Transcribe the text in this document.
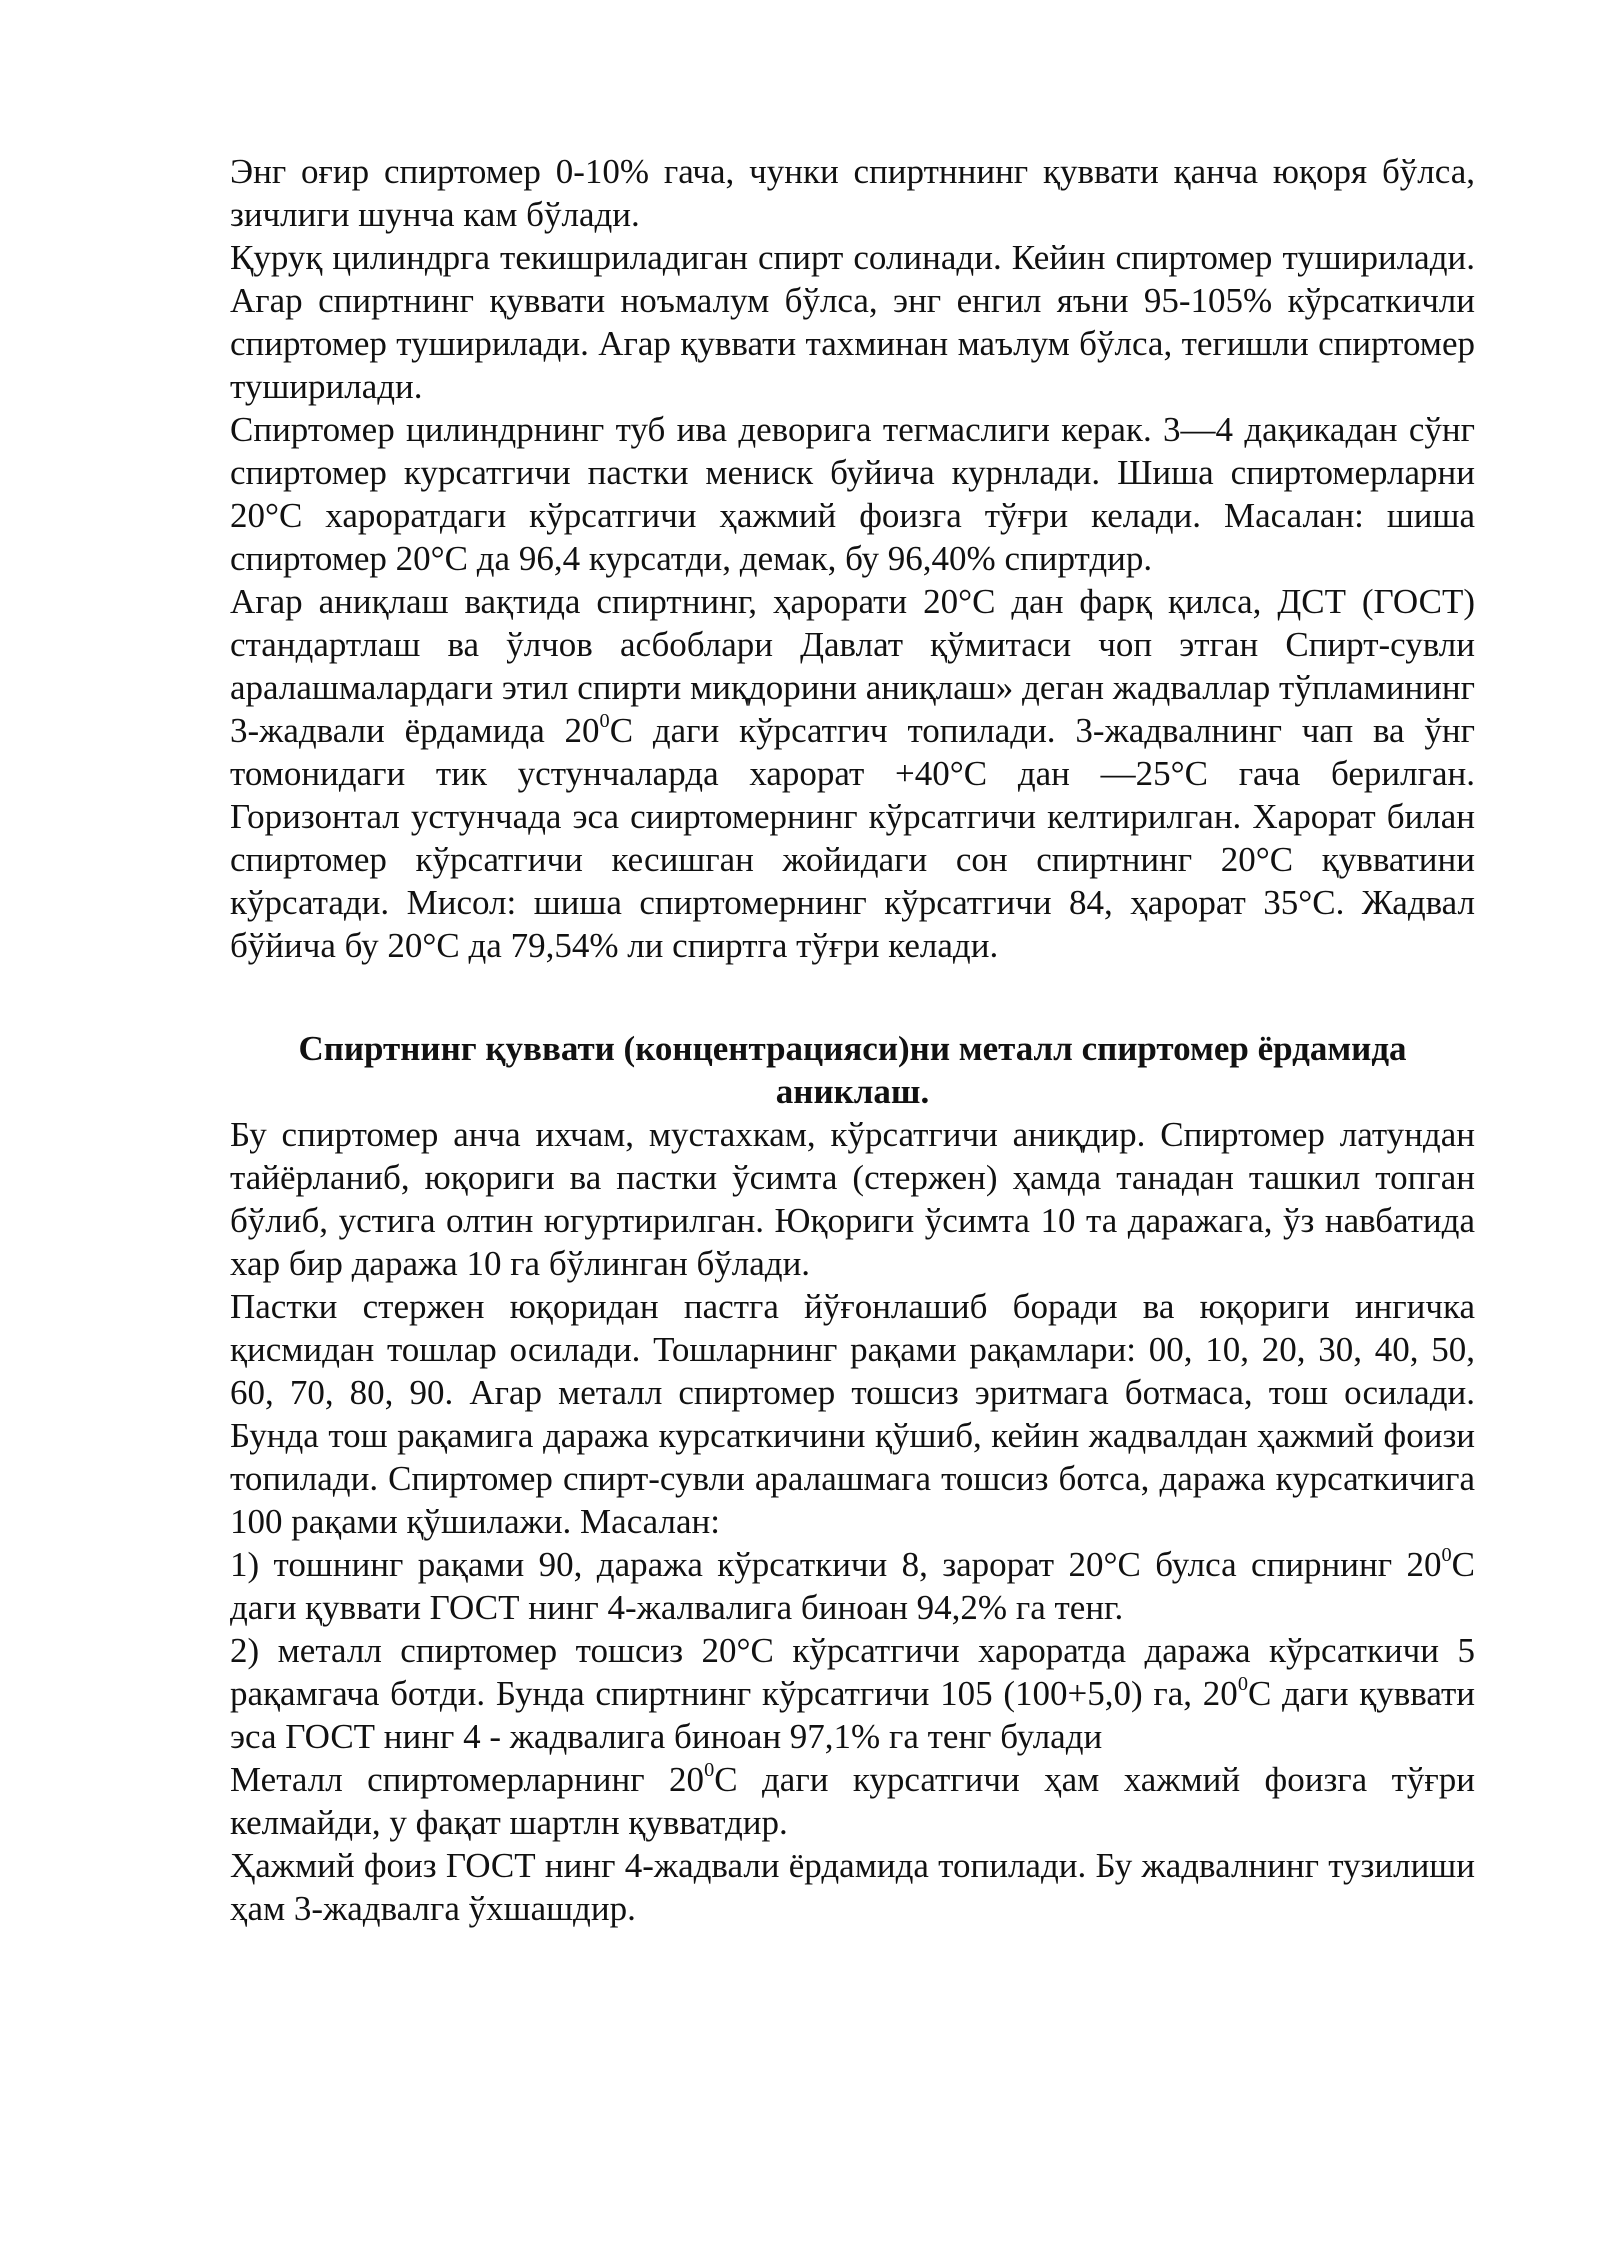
Энг оғир спиртомер 0-10% гача, чунки спиртннинг қуввати қанча юқоря бўлса, зичлиги шунча кам бўлади.

Қуруқ цилиндрга текишриладиган спирт солинади. Кейин спиртомер туширилади. Агар спиртнинг қуввати ноъмалум бўлса, энг енгил яъни 95-105% кўрсаткичли спиртомер туширилади. Агар қуввати тахминан маълум бўлса, тегишли спиртомер туширилади.

Спиртомер цилиндрнинг туб ива деворига тегмаслиги керак. 3—4 дақикадан сўнг спиртомер курсатгичи пастки мениск буйича курнлади. Шиша спиртомерларни 20°С хароратдаги кўрсатгичи ҳажмий фоизга тўғри келади. Масалан: шиша спиртомер 20°С да 96,4 курсатди, демак, бу 96,40% спиртдир.

Агар аниқлаш вақтида спиртнинг, ҳарорати 20°С дан фарқ қилса, ДСТ (ГОСТ) стандартлаш ва ўлчов асбоблари Давлат қўмитаси чоп этган Спирт-сувли аралашмалардаги этил спирти миқдорини аниқлаш» деган жадваллар тўпламининг 3-жадвали ёрдамида $20^0С$ даги кўрсатгич топилади. 3-жадвалнинг чап ва ўнг томонидаги тик устунчаларда харорат +40°С дан —25°С гача берилган. Горизонтал устунчада эса сииртомернинг кўрсатгичи келтирилган. Харорат билан спиртомер кўрсатгичи кесишган жойидаги сон спиртнинг 20°С қувватини кўрсатади. Мисол: шиша спиртомернинг кўрсатгичи 84, ҳарорат 35°С. Жадвал бўйича бу 20°С да 79,54% ли спиртга тўғри келади.

Спиртнинг қуввати (концентрацияси)ни металл спиртомер ёрдамида аниклаш.

Бу спиртомер анча ихчам, мустахкам, кўрсатгичи аниқдир. Спиртомер латундан тайёрланиб, юқориги ва пастки ўсимта (стержен) ҳамда танадан ташкил топган бўлиб, устига олтин югуртирилган. Юқориги ўсимта 10 та даражага, ўз навбатида хар бир даража 10 га бўлинган бўлади.

Пастки стержен юқоридан пастга йўғонлашиб боради ва юқориги ингичка қисмидан тошлар осилади. Тошларнинг рақами рақамлари: 00, 10, 20, 30, 40, 50, 60, 70, 80, 90. Агар металл спиртомер тошсиз эритмага ботмаса, тош осилади. Бунда тош рақамига даража курсаткичини қўшиб, кейин жадвалдан ҳажмий фоизи топилади. Спиртомер спирт-сувли аралашмага тошсиз ботса, даража курсаткичига 100 рақами қўшилажи. Масалан:

1) тошнинг рақами 90, даража кўрсаткичи 8, зарорат 20°С булса спирнинг $20^0С$ даги қуввати ГОСТ нинг 4-жалвалига биноан 94,2% га тенг.

2) металл спиртомер тошсиз 20°С кўрсатгичи хароратда даража кўрсаткичи 5 рақамгача ботди. Бунда спиртнинг кўрсатгичи 105 (100+5,0) га, $20^0С$ даги қуввати эса ГОСТ нинг 4 - жадвалига биноан 97,1% га тенг булади

Металл спиртомерларнинг $20^0С$ даги курсатгичи ҳам хажмий фоизга тўғри келмайди, у фақат шартлн қувватдир.

Ҳажмий фоиз ГОСТ нинг 4-жадвали ёрдамида топилади. Бу жадвалнинг тузилиши ҳам 3-жадвалга ўхшашдир.
